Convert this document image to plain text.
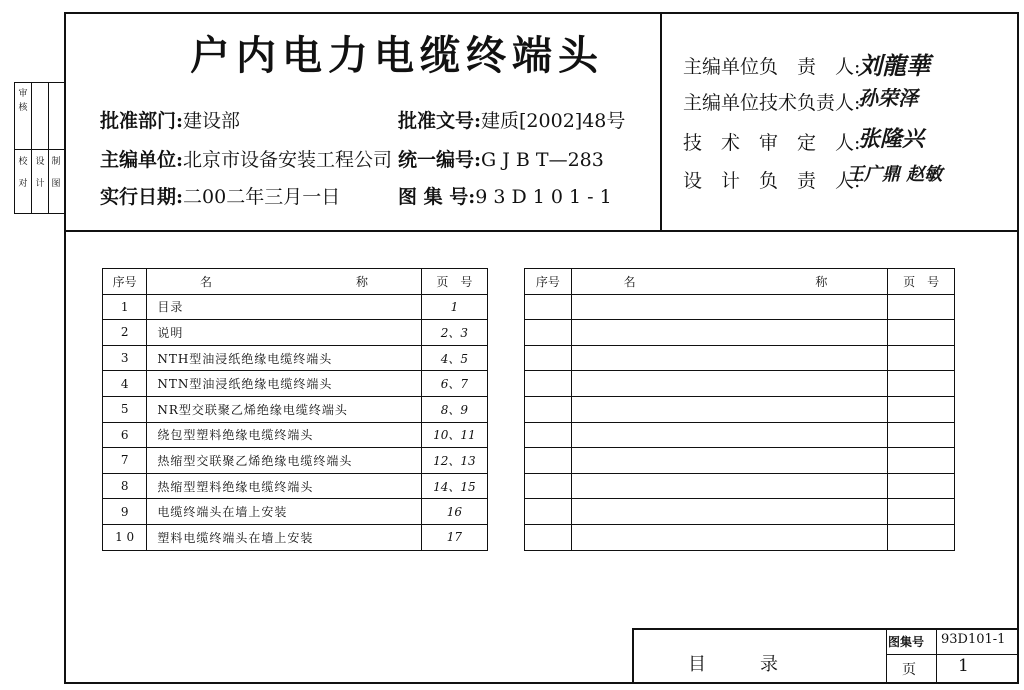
审
核
校
对
设
计
制
图
户内电力电缆终端头
批准部门:建设部	批准文号:建质[2002]48号
主编单位:北京市设备安装工程公司 统一编号:G J B T—283
实行日期:二00二年三月一日	图 集 号:9 3 D 1 0 1 - 1
主编单位负　责　人:
刘龍華
主编单位技术负责人:
孙荣泽
技　术　审　定　人:
张隆兴
设　计　负　责　人:
王广鼎 赵敏
序号	名　　　　　　　　　　　　称	页　号
1	目录	1
2	说明	2、3
3	NTH型油浸纸绝缘电缆终端头	4、5
4	NTN型油浸纸绝缘电缆终端头	6、7
5	NR型交联聚乙烯绝缘电缆终端头	8、9
6	绕包型塑料绝缘电缆终端头	10、11
7	热缩型交联聚乙烯绝缘电缆终端头	12、13
8	热缩型塑料绝缘电缆终端头	14、15
9	电缆终端头在墙上安装	16
1 0	塑料电缆终端头在墙上安装	17
序号	名 称	页　号

目　　　录
图集号 93D101-1
页 1
